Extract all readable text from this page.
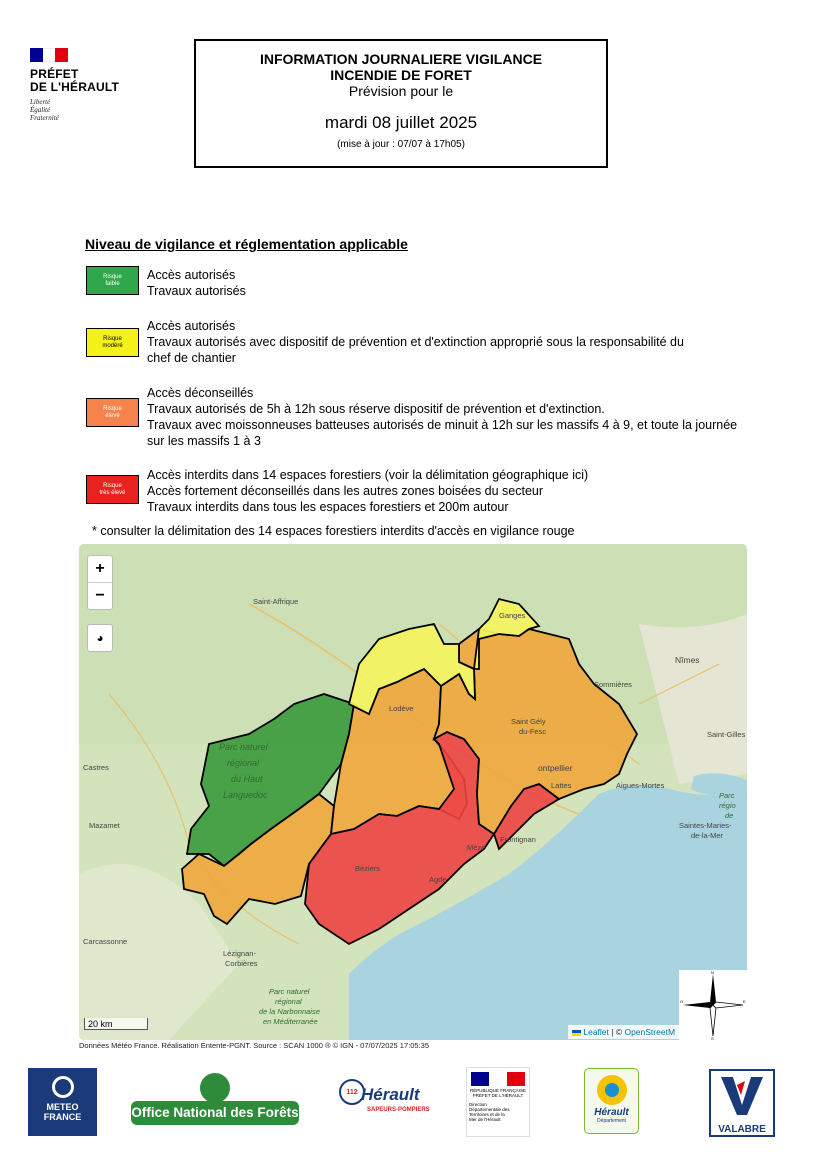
PRÉFET
DE L'HÉRAULT
Liberté
Égalité
Fraternité
INFORMATION JOURNALIERE VIGILANCE
INCENDIE DE FORET
Prévision pour le
mardi 08 juillet 2025
(mise à jour : 07/07 à 17h05)
Niveau de vigilance et réglementation applicable
Risque
faible
Accès autorisés
Travaux autorisés
Risque
modéré
Accès autorisés
Travaux autorisés avec dispositif de prévention et d'extinction approprié sous la responsabilité du
chef de chantier
Risque
élevé
Accès déconseillés
Travaux autorisés de 5h à 12h sous réserve dispositif de prévention et d'extinction.
Travaux avec moissonneuses batteuses autorisés de minuit à 12h sur les massifs 4 à 9, et toute la journée
sur les massifs 1 à 3
Risque
très élevé
Accès interdits dans 14 espaces forestiers (voir la délimitation géographique ici)
Accès fortement déconseillés dans les autres zones boisées du secteur
Travaux interdits dans tous les espaces forestiers et 200m autour
* consulter la délimitation des 14 espaces forestiers interdits d'accès en vigilance rouge
Saint-Affrique
Ganges
Nîmes
Sommières
Lodève
Saint Gély
du-Fesc	Saint-Gilles
Castres	ontpellier
Lattes	Aigues-Mortes
Mazamet
Mèze
Frontignan
Béziers
Agde
Carcassonne
Lézignan-
Corbières
Saintes-Maries-
de-la-Mer
Parc naturel
régional
du Haut
Languedoc
Parc naturel
régional
de la Narbonnaise
en Méditerranée
Parc
régio
de
+
−
◕
20 km
Leaflet | © OpenStreetM
N
S
E
O
Données Météo France. Réalisation Entente-PGNT. Source : SCAN 1000 ® © IGN - 07/07/2025 17:05:35
METEO
FRANCE	Office National des Forêts
112 Hérault
SAPEURS-POMPIERS
RÉPUBLIQUE FRANÇAISE
PRÉFET DE L'HÉRAULT
Direction
Départementale des
Territoires et de la
Mer de l'Hérault
Hérault
Département
VALABRE
